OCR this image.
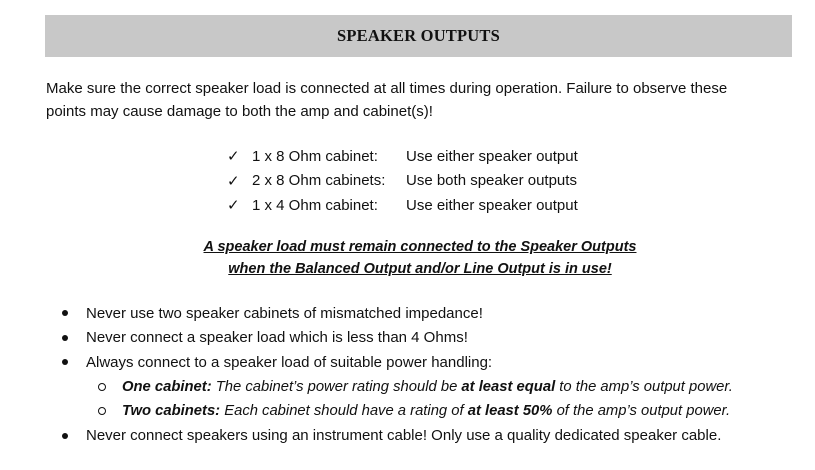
SPEAKER OUTPUTS
Make sure the correct speaker load is connected at all times during operation. Failure to observe these
points may cause damage to both the amp and cabinet(s)!
✓ 1 x 8 Ohm cabinet:	Use either speaker output
✓ 2 x 8 Ohm cabinets:	Use both speaker outputs
✓ 1 x 4 Ohm cabinet:	Use either speaker output
A speaker load must remain connected to the Speaker Outputs
when the Balanced Output and/or Line Output is in use!
Never use two speaker cabinets of mismatched impedance!
Never connect a speaker load which is less than 4 Ohms!
Always connect to a speaker load of suitable power handling:
One cabinet: The cabinet’s power rating should be at least equal to the amp’s output power.
Two cabinets: Each cabinet should have a rating of at least 50% of the amp’s output power.
Never connect speakers using an instrument cable! Only use a quality dedicated speaker cable.
